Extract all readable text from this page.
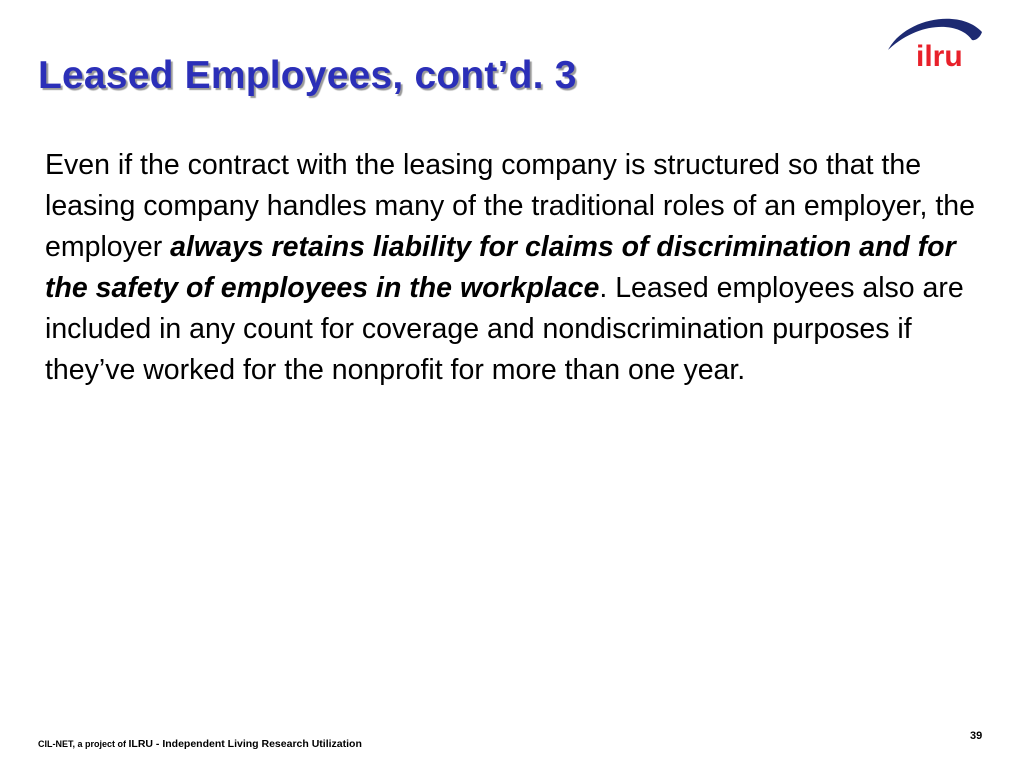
Leased Employees, cont’d. 3	ilru

Even if the contract with the leasing company is structured so that the leasing company handles many of the traditional roles of an employer, the employer always retains liability for claims of discrimination and for the safety of employees in the workplace. Leased employees also are included in any count for coverage and nondiscrimination purposes if they’ve worked for the nonprofit for more than one year.

CIL-NET, a project of ILRU - Independent Living Research Utilization
39
